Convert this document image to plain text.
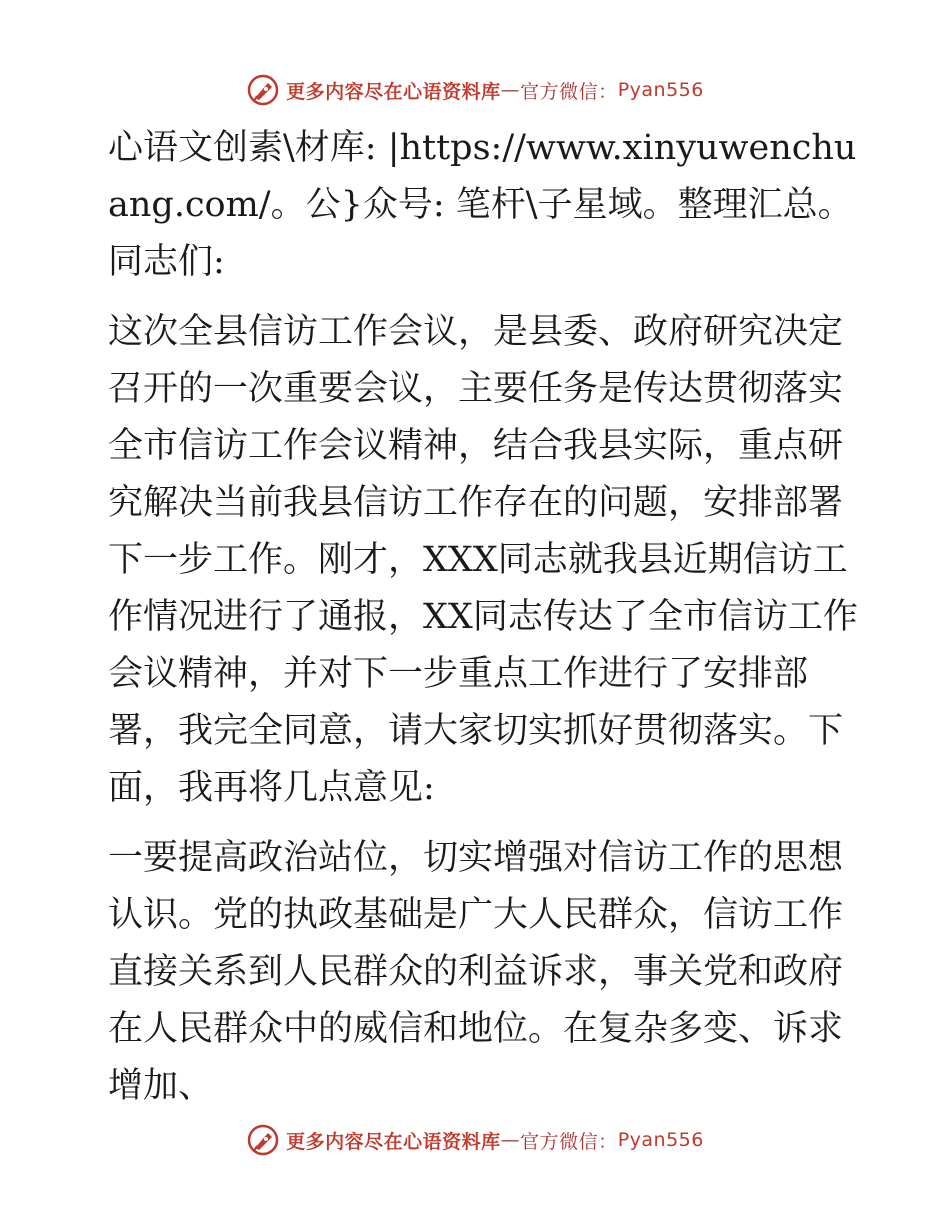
更多内容尽在心语资料库 — 官方微信： Pyan556

心语文创素\材库: |https://www.xinyuwenchuang.com/。公}众号: 笔杆\子星域。整理汇总。同志们:

这次全县信访工作会议，是县委、政府研究决定召开的一次重要会议，主要任务是传达贯彻落实全市信访工作会议精神，结合我县实际，重点研究解决当前我县信访工作存在的问题，安排部署下一步工作。刚才，XXX同志就我县近期信访工作情况进行了通报，XX同志传达了全市信访工作会议精神，并对下一步重点工作进行了安排部署，我完全同意，请大家切实抓好贯彻落实。下面，我再将几点意见:

一要提高政治站位，切实增强对信访工作的思想认识。党的执政基础是广大人民群众，信访工作直接关系到人民群众的利益诉求，事关党和政府在人民群众中的威信和地位。在复杂多变、诉求增加、

更多内容尽在心语资料库 — 官方微信： Pyan556
